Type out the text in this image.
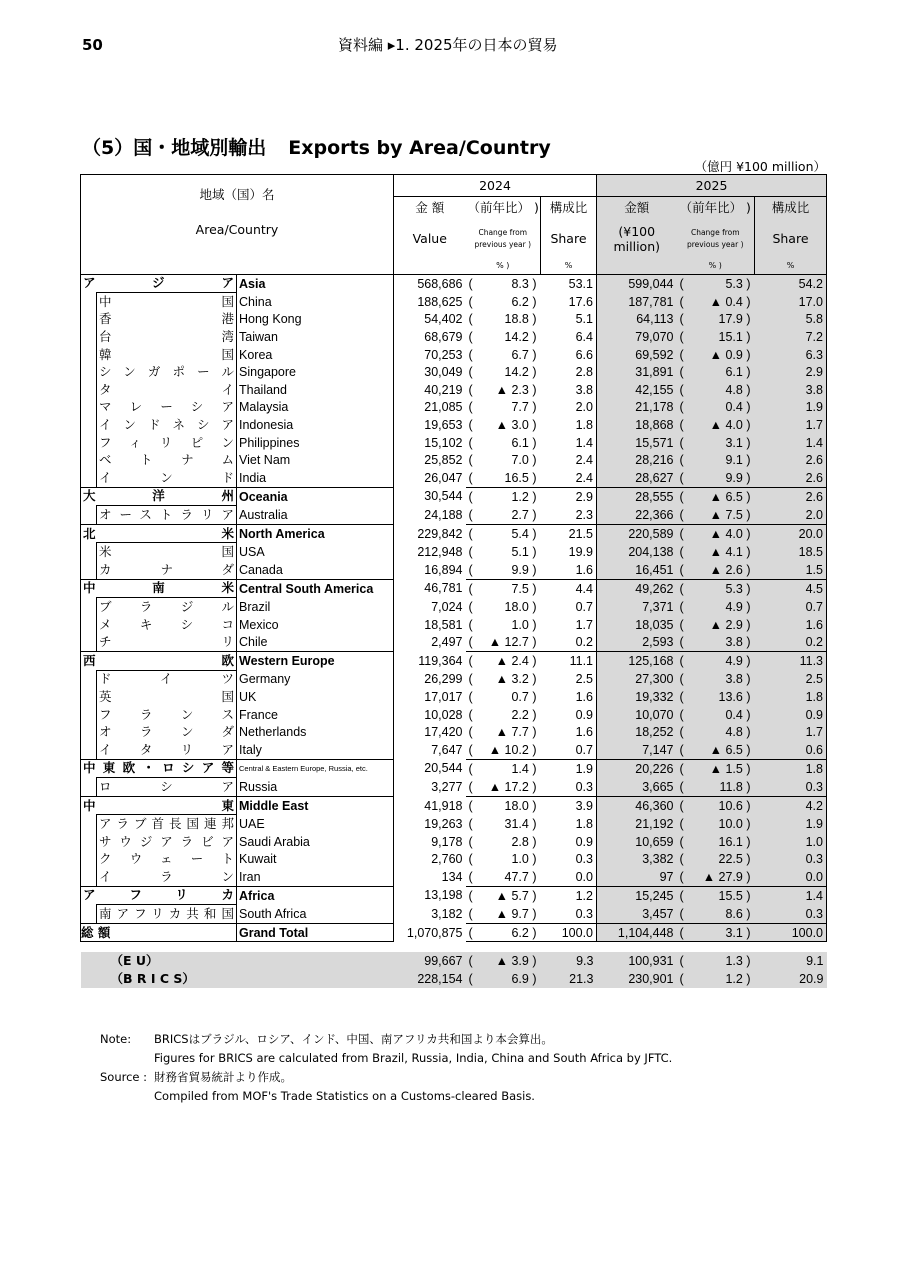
50	資料編 ▸1. 2025年の日本の貿易
（5）国・地域別輸出 Exports by Area/Country
（億円 ¥100 million）
地域（国）名			2024				2025			
			金 額	（前年比） )		構成比	金額	（前年比） )		構成比
Area/Country			Value	Change from previous year )		Share	(¥100 million)	Change from previous year )		Share
				% )		%		% )		%
アジア		Asia	568,686	(	8.3 )	53.1	599,044	(	5.3 )	54.2
	中国	China	188,625	(	6.2 )	17.6	187,781	(	▲ 0.4 )	17.0
	香港	Hong Kong	54,402	(	18.8 )	5.1	64,113	(	17.9 )	5.8
	台湾	Taiwan	68,679	(	14.2 )	6.4	79,070	(	15.1 )	7.2
	韓国	Korea	70,253	(	6.7 )	6.6	69,592	(	▲ 0.9 )	6.3
	シンガポール	Singapore	30,049	(	14.2 )	2.8	31,891	(	6.1 )	2.9
	タイ	Thailand	40,219	(	▲ 2.3 )	3.8	42,155	(	4.8 )	3.8
	マレーシア	Malaysia	21,085	(	7.7 )	2.0	21,178	(	0.4 )	1.9
	インドネシア	Indonesia	19,653	(	▲ 3.0 )	1.8	18,868	(	▲ 4.0 )	1.7
	フィリピン	Philippines	15,102	(	6.1 )	1.4	15,571	(	3.1 )	1.4
	ベトナム	Viet Nam	25,852	(	7.0 )	2.4	28,216	(	9.1 )	2.6
	インド	India	26,047	(	16.5 )	2.4	28,627	(	9.9 )	2.6
大洋州		Oceania	30,544	(	1.2 )	2.9	28,555	(	▲ 6.5 )	2.6
	オーストラリア	Australia	24,188	(	2.7 )	2.3	22,366	(	▲ 7.5 )	2.0
北米		North America	229,842	(	5.4 )	21.5	220,589	(	▲ 4.0 )	20.0
	米国	USA	212,948	(	5.1 )	19.9	204,138	(	▲ 4.1 )	18.5
	カナダ	Canada	16,894	(	9.9 )	1.6	16,451	(	▲ 2.6 )	1.5
中南米		Central South America	46,781	(	7.5 )	4.4	49,262	(	5.3 )	4.5
	ブラジル	Brazil	7,024	(	18.0 )	0.7	7,371	(	4.9 )	0.7
	メキシコ	Mexico	18,581	(	1.0 )	1.7	18,035	(	▲ 2.9 )	1.6
	チリ	Chile	2,497	(	▲ 12.7 )	0.2	2,593	(	3.8 )	0.2
西欧		Western Europe	119,364	(	▲ 2.4 )	11.1	125,168	(	4.9 )	11.3
	ドイツ	Germany	26,299	(	▲ 3.2 )	2.5	27,300	(	3.8 )	2.5
	英国	UK	17,017	(	0.7 )	1.6	19,332	(	13.6 )	1.8
	フランス	France	10,028	(	2.2 )	0.9	10,070	(	0.4 )	0.9
	オランダ	Netherlands	17,420	(	▲ 7.7 )	1.6	18,252	(	4.8 )	1.7
	イタリア	Italy	7,647	(	▲ 10.2 )	0.7	7,147	(	▲ 6.5 )	0.6
中東欧・ロシア等		Central & Eastern Europe, Russia, etc.	20,544	(	1.4 )	1.9	20,226	(	▲ 1.5 )	1.8
	ロシア	Russia	3,277	(	▲ 17.2 )	0.3	3,665	(	11.8 )	0.3
中東		Middle East	41,918	(	18.0 )	3.9	46,360	(	10.6 )	4.2
	アラブ首長国連邦	UAE	19,263	(	31.4 )	1.8	21,192	(	10.0 )	1.9
	サウジアラビア	Saudi Arabia	9,178	(	2.8 )	0.9	10,659	(	16.1 )	1.0
	クウェート	Kuwait	2,760	(	1.0 )	0.3	3,382	(	22.5 )	0.3
	イラン	Iran	134	(	47.7 )	0.0	97	(	▲ 27.9 )	0.0
アフリカ		Africa	13,198	(	▲ 5.7 )	1.2	15,245	(	15.5 )	1.4
	南アフリカ共和国	South Africa	3,182	(	▲ 9.7 )	0.3	3,457	(	8.6 )	0.3
総 額		Grand Total	1,070,875	(	6.2 )	100.0	1,104,448	(	3.1 )	100.0

（E U）			99,667	(	▲ 3.9 )	9.3	100,931	(	1.3 )	9.1
（B R I C S）			228,154	(	6.9 )	21.3	230,901	(	1.2 )	20.9
Note: BRICSはブラジル、ロシア、インド、中国、南アフリカ共和国より本会算出。
Figures for BRICS are calculated from Brazil, Russia, India, China and South Africa by JFTC.
Source : 財務省貿易統計より作成。
Compiled from MOF's Trade Statistics on a Customs-cleared Basis.
